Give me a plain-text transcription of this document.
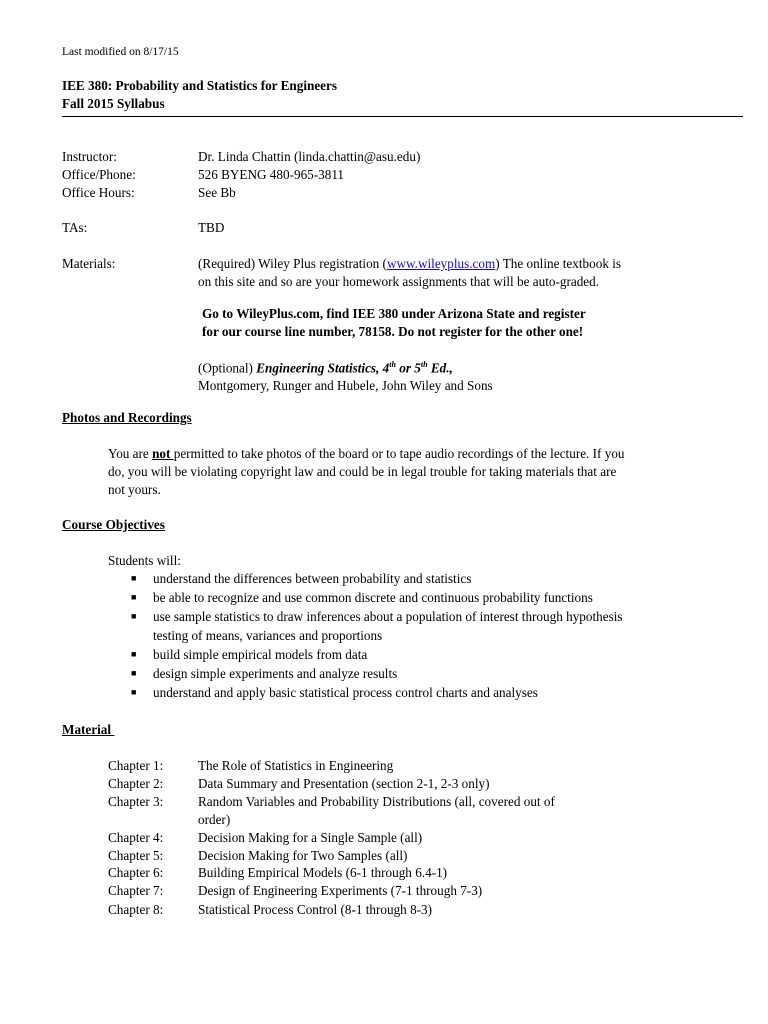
Last modified on 8/17/15
IEE 380: Probability and Statistics for Engineers
Fall 2015 Syllabus
Instructor:	Dr. Linda Chattin (linda.chattin@asu.edu)
Office/Phone:	526 BYENG 480-965-3811
Office Hours:	See Bb
TAs:	TBD
Materials:	(Required) Wiley Plus registration (www.wileyplus.com) The online textbook is
on this site and so are your homework assignments that will be auto-graded.
Go to WileyPlus.com, find IEE 380 under Arizona State and register
for our course line number, 78158. Do not register for the other one!
(Optional) Engineering Statistics, 4th or 5th Ed.,
Montgomery, Runger and Hubele, John Wiley and Sons
Photos and Recordings
You are not permitted to take photos of the board or to tape audio recordings of the lecture. If you
do, you will be violating copyright law and could be in legal trouble for taking materials that are
not yours.
Course Objectives
Students will:
■ understand the differences between probability and statistics
■ be able to recognize and use common discrete and continuous probability functions
■ use sample statistics to draw inferences about a population of interest through hypothesis
testing of means, variances and proportions
■ build simple empirical models from data
■ design simple experiments and analyze results
■ understand and apply basic statistical process control charts and analyses
Material
Chapter 1:	The Role of Statistics in Engineering
Chapter 2:	Data Summary and Presentation (section 2-1, 2-3 only)
Chapter 3:	Random Variables and Probability Distributions (all, covered out of
order)
Chapter 4:	Decision Making for a Single Sample (all)
Chapter 5:	Decision Making for Two Samples (all)
Chapter 6:	Building Empirical Models (6-1 through 6.4-1)
Chapter 7:	Design of Engineering Experiments (7-1 through 7-3)
Chapter 8:	Statistical Process Control (8-1 through 8-3)
